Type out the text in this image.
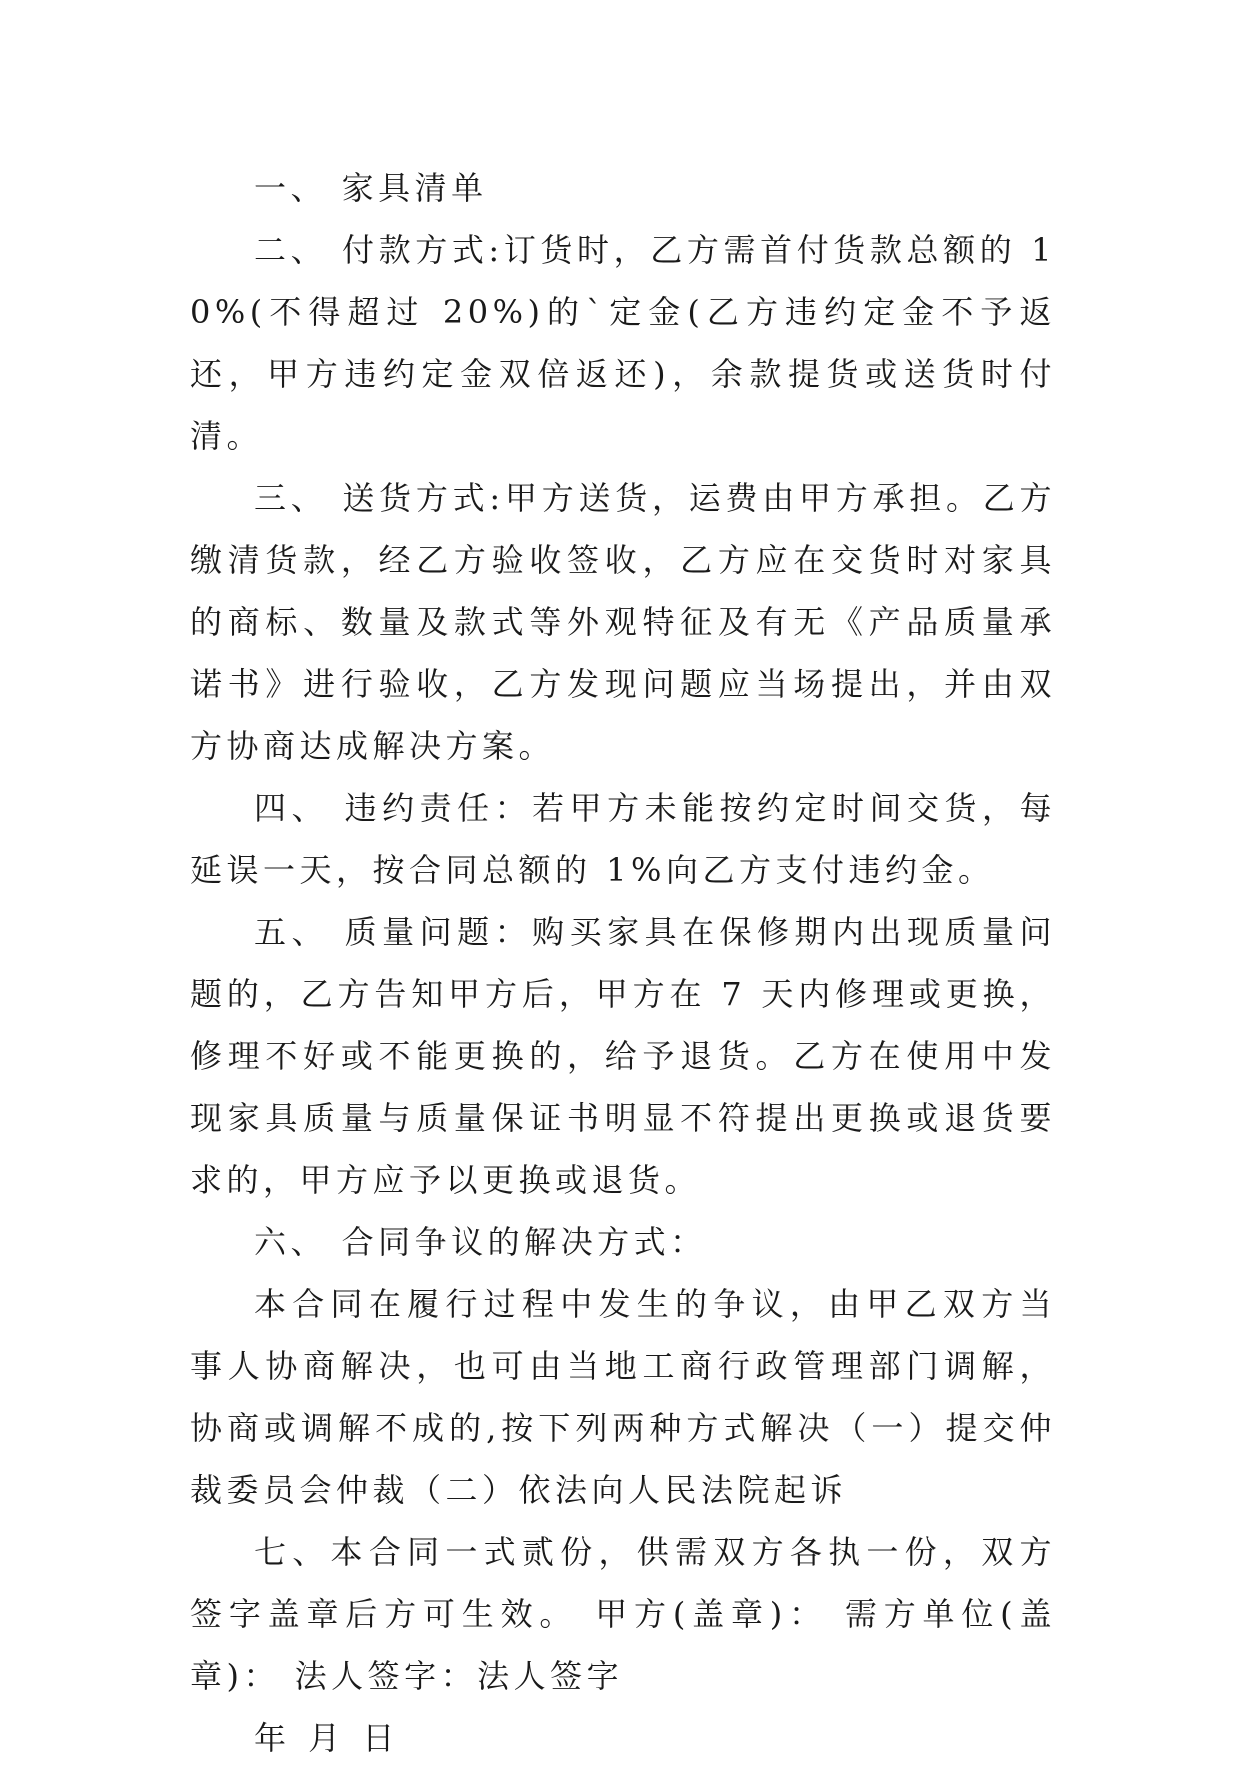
一、 家具清单

二、 付款方式:订货时，乙方需首付货款总额的 10%(不得超过 20%)的`定金(乙方违约定金不予返还，甲方违约定金双倍返还)，余款提货或送货时付清。

三、 送货方式:甲方送货，运费由甲方承担。乙方缴清货款，经乙方验收签收，乙方应在交货时对家具的商标、数量及款式等外观特征及有无《产品质量承诺书》进行验收，乙方发现问题应当场提出，并由双方协商达成解决方案。

四、 违约责任：若甲方未能按约定时间交货，每延误一天，按合同总额的 1%向乙方支付违约金。

五、 质量问题：购买家具在保修期内出现质量问题的，乙方告知甲方后，甲方在 7 天内修理或更换，修理不好或不能更换的，给予退货。乙方在使用中发现家具质量与质量保证书明显不符提出更换或退货要求的，甲方应予以更换或退货。

六、 合同争议的解决方式：

本合同在履行过程中发生的争议，由甲乙双方当事人协商解决，也可由当地工商行政管理部门调解，协商或调解不成的,按下列两种方式解决（一）提交仲裁委员会仲裁（二）依法向人民法院起诉

七、本合同一式贰份，供需双方各执一份，双方签字盖章后方可生效。 甲方(盖章)： 需方单位(盖章)： 法人签字：法人签字

年 月 日
